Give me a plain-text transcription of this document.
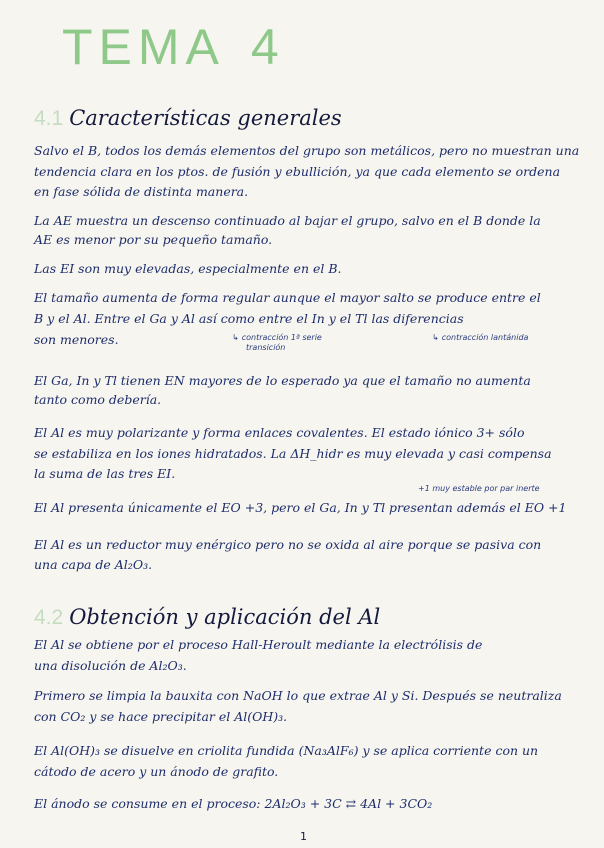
TEMA 4
4.1 Características generales
Salvo el B, todos los demás elementos del grupo son metálicos, pero no muestran una
tendencia clara en los ptos. de fusión y ebullición, ya que cada elemento se ordena
en fase sólida de distinta manera.
La AE muestra un descenso continuado al bajar el grupo, salvo en el B donde la
AE es menor por su pequeño tamaño.
Las EI son muy elevadas, especialmente en el B.
El tamaño aumenta de forma regular aunque el mayor salto se produce entre el
B y el Al. Entre el Ga y Al así como entre el In y el Tl las diferencias
son menores.	↳ contracción 1ª serie
transición
↳ contracción lantánida
El Ga, In y Tl tienen EN mayores de lo esperado ya que el tamaño no aumenta
tanto como debería.
El Al es muy polarizante y forma enlaces covalentes. El estado iónico 3+ sólo
se estabiliza en los iones hidratados. La ΔH_hidr es muy elevada y casi compensa
la suma de las tres EI.
+1 muy estable por par inerte
El Al presenta únicamente el EO +3, pero el Ga, In y Tl presentan además el EO +1
El Al es un reductor muy enérgico pero no se oxida al aire porque se pasiva con
una capa de Al₂O₃.
4.2 Obtención y aplicación del Al
El Al se obtiene por el proceso Hall-Heroult mediante la electrólisis de
una disolución de Al₂O₃.
Primero se limpia la bauxita con NaOH lo que extrae Al y Si. Después se neutraliza
con CO₂ y se hace precipitar el Al(OH)₃.
El Al(OH)₃ se disuelve en criolita fundida (Na₃AlF₆) y se aplica corriente con un
cátodo de acero y un ánodo de grafito.
El ánodo se consume en el proceso: 2Al₂O₃ + 3C ⇄ 4Al + 3CO₂
1
